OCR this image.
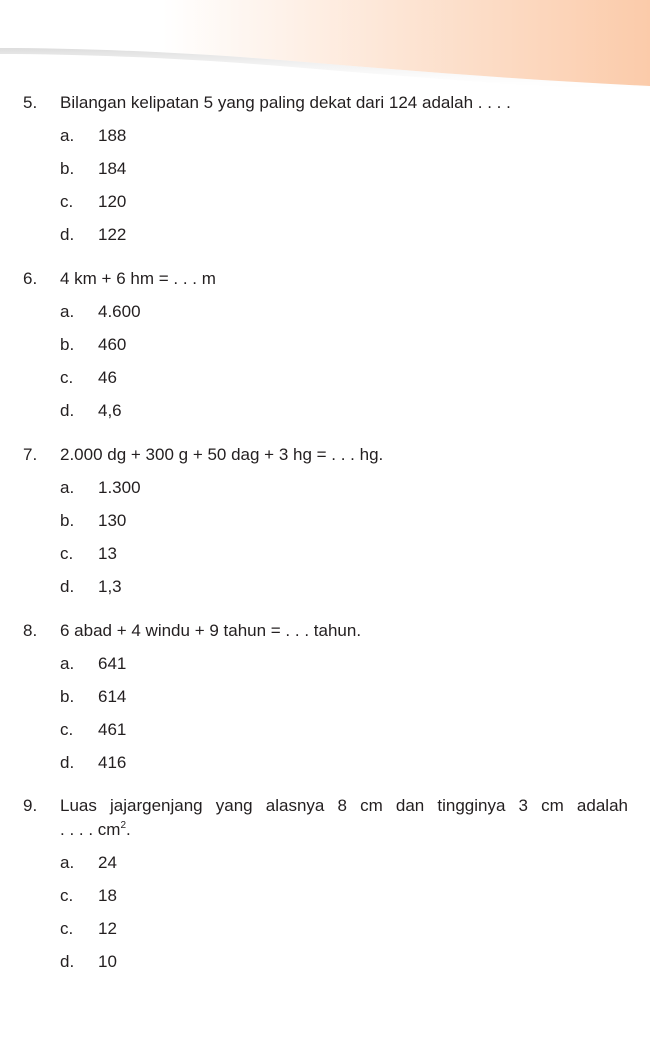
5. Bilangan kelipatan 5 yang paling dekat dari 124 adalah . . . .
a. 188
b. 184
c. 120
d. 122
6. 4 km + 6 hm = . . . m
a. 4.600
b. 460
c. 46
d. 4,6
7. 2.000 dg + 300 g + 50 dag + 3 hg = . . . hg.
a. 1.300
b. 130
c. 13
d. 1,3
8. 6 abad + 4 windu + 9 tahun = . . . tahun.
a. 641
b. 614
c. 461
d. 416
9. Luas jajargenjang yang alasnya 8 cm dan tingginya 3 cm adalah
. . . . $cm^2$.
a. 24
c. 18
c. 12
d. 10
